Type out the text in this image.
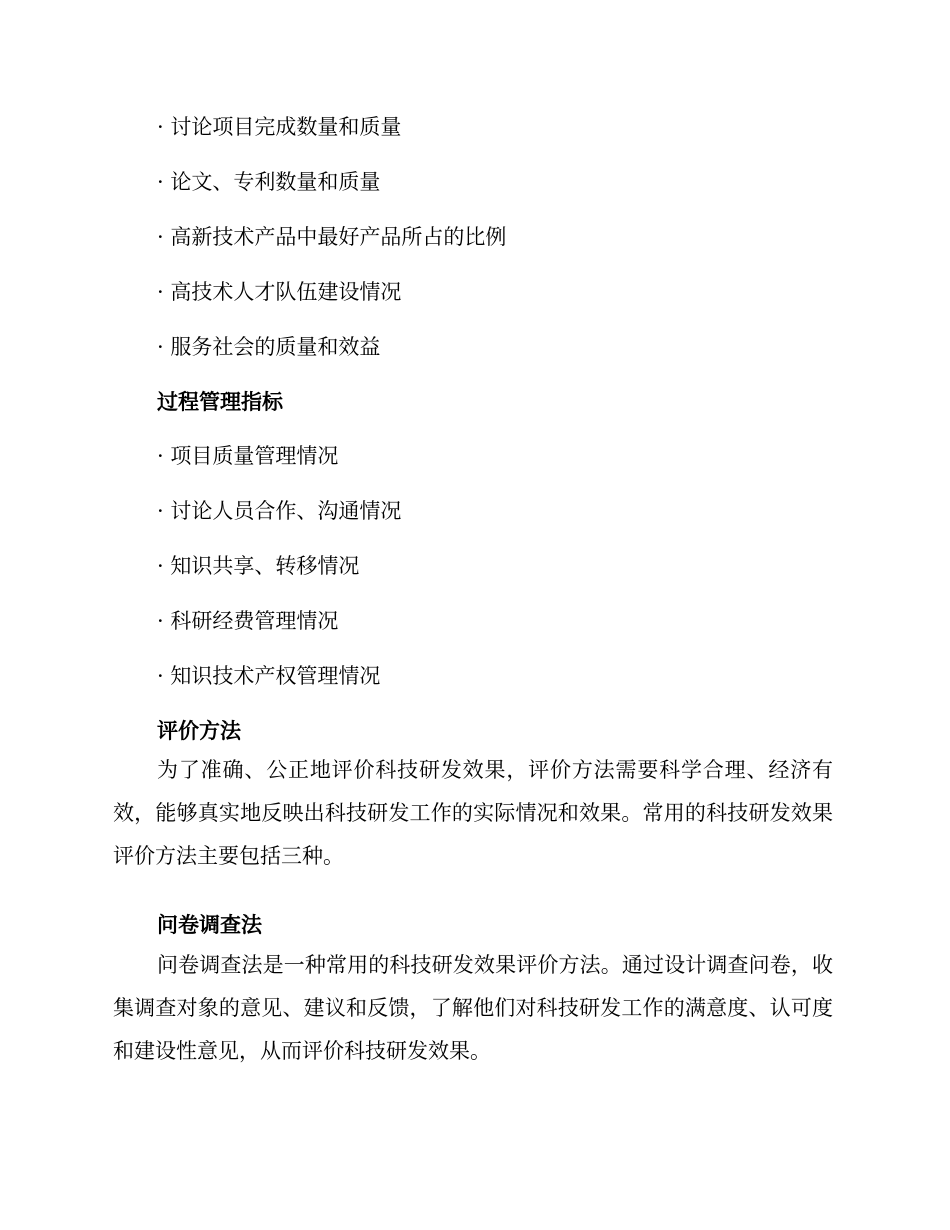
· 讨论项目完成数量和质量
· 论文、专利数量和质量
· 高新技术产品中最好产品所占的比例
· 高技术人才队伍建设情况
· 服务社会的质量和效益
过程管理指标
· 项目质量管理情况
· 讨论人员合作、沟通情况
· 知识共享、转移情况
· 科研经费管理情况
· 知识技术产权管理情况
评价方法

为了准确、公正地评价科技研发效果，评价方法需要科学合理、经济有效，能够真实地反映出科技研发工作的实际情况和效果。常用的科技研发效果评价方法主要包括三种。

问卷调查法

问卷调查法是一种常用的科技研发效果评价方法。通过设计调查问卷，收集调查对象的意见、建议和反馈，了解他们对科技研发工作的满意度、认可度和建设性意见，从而评价科技研发效果。
